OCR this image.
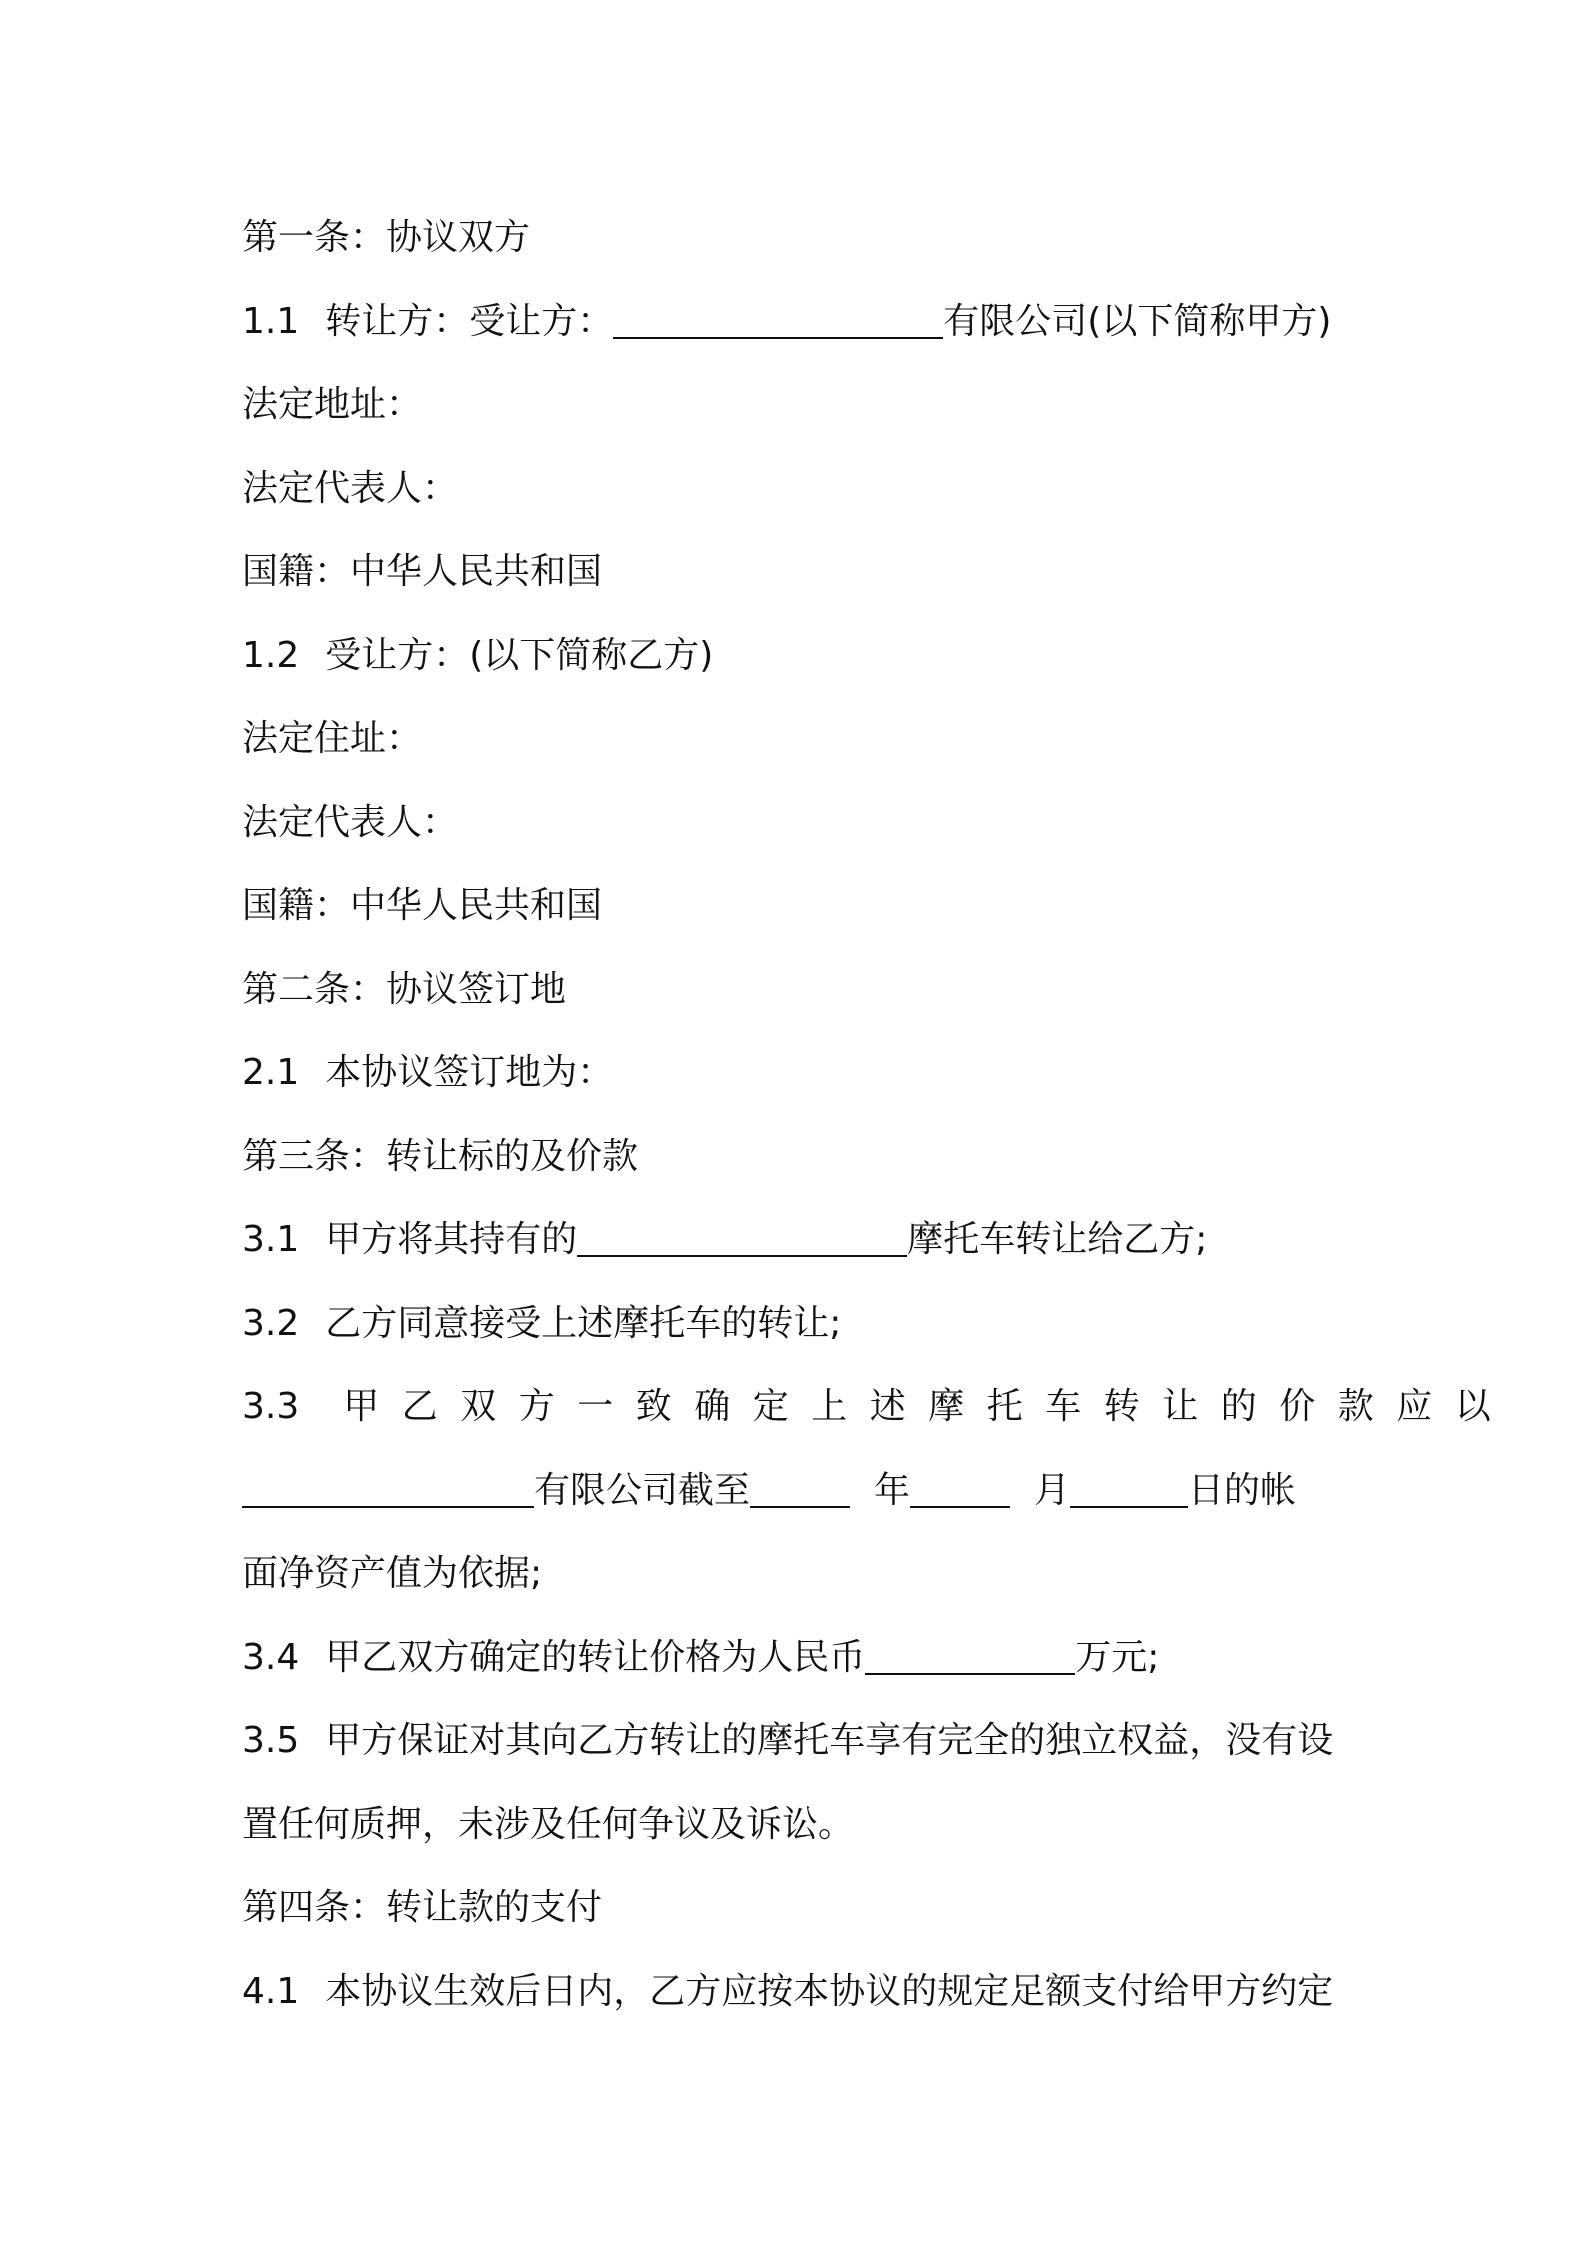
第一条：协议双方
1.1 转让方：受让方：	有限公司(以下简称甲方)
法定地址：
法定代表人：
国籍：中华人民共和国
1.2 受让方：(以下简称乙方)
法定住址：
法定代表人：
国籍：中华人民共和国
第二条：协议签订地
2.1 本协议签订地为：
第三条：转让标的及价款
3.1 甲方将其持有的	摩托车转让给乙方;
3.2 乙方同意接受上述摩托车的转让;
3.3 甲乙双方一致确定上述摩托车转让的价款应以
有限公司截至	年	月	日的帐
面净资产值为依据;
3.4 甲乙双方确定的转让价格为人民币	万元;
3.5 甲方保证对其向乙方转让的摩托车享有完全的独立权益，没有设
置任何质押，未涉及任何争议及诉讼。
第四条：转让款的支付
4.1 本协议生效后日内，乙方应按本协议的规定足额支付给甲方约定
